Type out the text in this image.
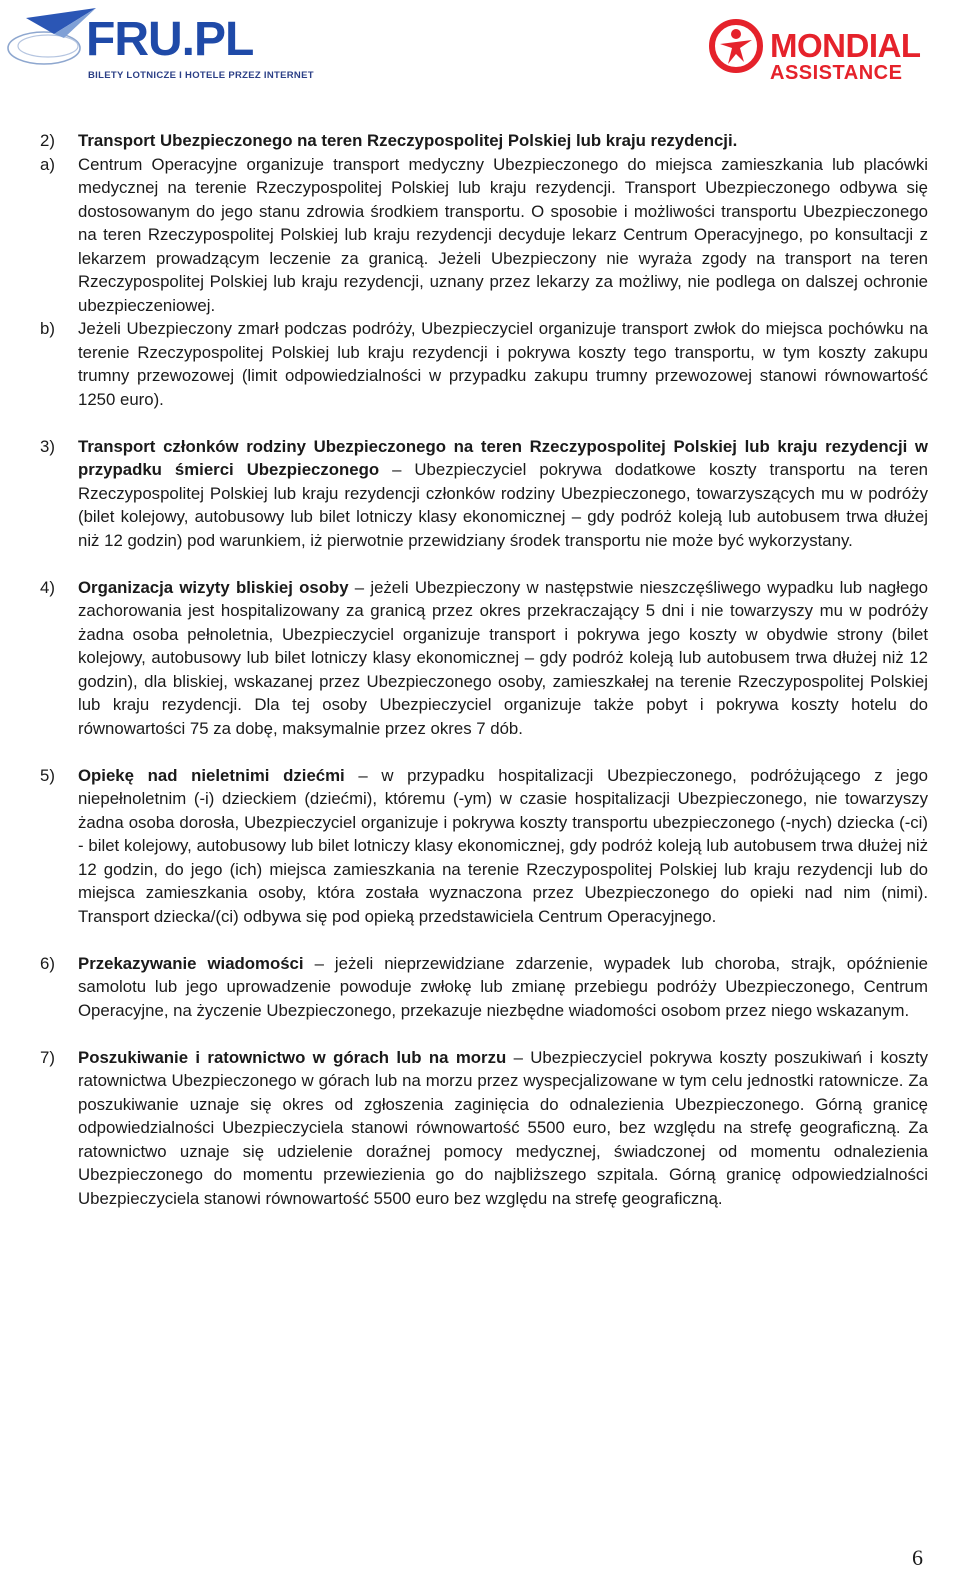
FRU.PL
BILETY LOTNICZE I HOTELE PRZEZ INTERNET
MONDIAL
ASSISTANCE
2) Transport Ubezpieczonego na teren Rzeczypospolitej Polskiej lub kraju rezydencji.

a) Centrum Operacyjne organizuje transport medyczny Ubezpieczonego do miejsca zamieszkania lub placówki medycznej na terenie Rzeczypospolitej Polskiej lub kraju rezydencji. Transport Ubezpieczonego odbywa się dostosowanym do jego stanu zdrowia środkiem transportu. O sposobie i możliwości transportu Ubezpieczonego na teren Rzeczypospolitej Polskiej lub kraju rezydencji decyduje lekarz Centrum Operacyjnego, po konsultacji z lekarzem prowadzącym leczenie za granicą. Jeżeli Ubezpieczony nie wyraża zgody na transport na teren Rzeczypospolitej Polskiej lub kraju rezydencji, uznany przez lekarzy za możliwy, nie podlega on dalszej ochronie ubezpieczeniowej.

b) Jeżeli Ubezpieczony zmarł podczas podróży, Ubezpieczyciel organizuje transport zwłok do miejsca pochówku na terenie Rzeczypospolitej Polskiej lub kraju rezydencji i pokrywa koszty tego transportu, w tym koszty zakupu trumny przewozowej (limit odpowiedzialności w przypadku zakupu trumny przewozowej stanowi równowartość 1250 euro).

3) Transport członków rodziny Ubezpieczonego na teren Rzeczypospolitej Polskiej lub kraju rezydencji w przypadku śmierci Ubezpieczonego – Ubezpieczyciel pokrywa dodatkowe koszty transportu na teren Rzeczypospolitej Polskiej lub kraju rezydencji członków rodziny Ubezpieczonego, towarzyszących mu w podróży (bilet kolejowy, autobusowy lub bilet lotniczy klasy ekonomicznej – gdy podróż koleją lub autobusem trwa dłużej niż 12 godzin) pod warunkiem, iż pierwotnie przewidziany środek transportu nie może być wykorzystany.

4) Organizacja wizyty bliskiej osoby – jeżeli Ubezpieczony w następstwie nieszczęśliwego wypadku lub nagłego zachorowania jest hospitalizowany za granicą przez okres przekraczający 5 dni i nie towarzyszy mu w podróży żadna osoba pełnoletnia, Ubezpieczyciel organizuje transport i pokrywa jego koszty w obydwie strony (bilet kolejowy, autobusowy lub bilet lotniczy klasy ekonomicznej – gdy podróż koleją lub autobusem trwa dłużej niż 12 godzin), dla bliskiej, wskazanej przez Ubezpieczonego osoby, zamieszkałej na terenie Rzeczypospolitej Polskiej lub kraju rezydencji. Dla tej osoby Ubezpieczyciel organizuje także pobyt i pokrywa koszty hotelu do równowartości 75 za dobę, maksymalnie przez okres 7 dób.

5) Opiekę nad nieletnimi dziećmi – w przypadku hospitalizacji Ubezpieczonego, podróżującego z jego niepełnoletnim (-i) dzieckiem (dziećmi), któremu (-ym) w czasie hospitalizacji Ubezpieczonego, nie towarzyszy żadna osoba dorosła, Ubezpieczyciel organizuje i pokrywa koszty transportu ubezpieczonego (-nych) dziecka (-ci) - bilet kolejowy, autobusowy lub bilet lotniczy klasy ekonomicznej, gdy podróż koleją lub autobusem trwa dłużej niż 12 godzin, do jego (ich) miejsca zamieszkania na terenie Rzeczypospolitej Polskiej lub kraju rezydencji lub do miejsca zamieszkania osoby, która została wyznaczona przez Ubezpieczonego do opieki nad nim (nimi). Transport dziecka/(ci) odbywa się pod opieką przedstawiciela Centrum Operacyjnego.

6) Przekazywanie wiadomości – jeżeli nieprzewidziane zdarzenie, wypadek lub choroba, strajk, opóźnienie samolotu lub jego uprowadzenie powoduje zwłokę lub zmianę przebiegu podróży Ubezpieczonego, Centrum Operacyjne, na życzenie Ubezpieczonego, przekazuje niezbędne wiadomości osobom przez niego wskazanym.

7) Poszukiwanie i ratownictwo w górach lub na morzu – Ubezpieczyciel pokrywa koszty poszukiwań i koszty ratownictwa Ubezpieczonego w górach lub na morzu przez wyspecjalizowane w tym celu jednostki ratownicze. Za poszukiwanie uznaje się okres od zgłoszenia zaginięcia do odnalezienia Ubezpieczonego. Górną granicę odpowiedzialności Ubezpieczyciela stanowi równowartość 5500 euro, bez względu na strefę geograficzną. Za ratownictwo uznaje się udzielenie doraźnej pomocy medycznej, świadczonej od momentu odnalezienia Ubezpieczonego do momentu przewiezienia go do najbliższego szpitala. Górną granicę odpowiedzialności Ubezpieczyciela stanowi równowartość 5500 euro bez względu na strefę geograficzną.

6
